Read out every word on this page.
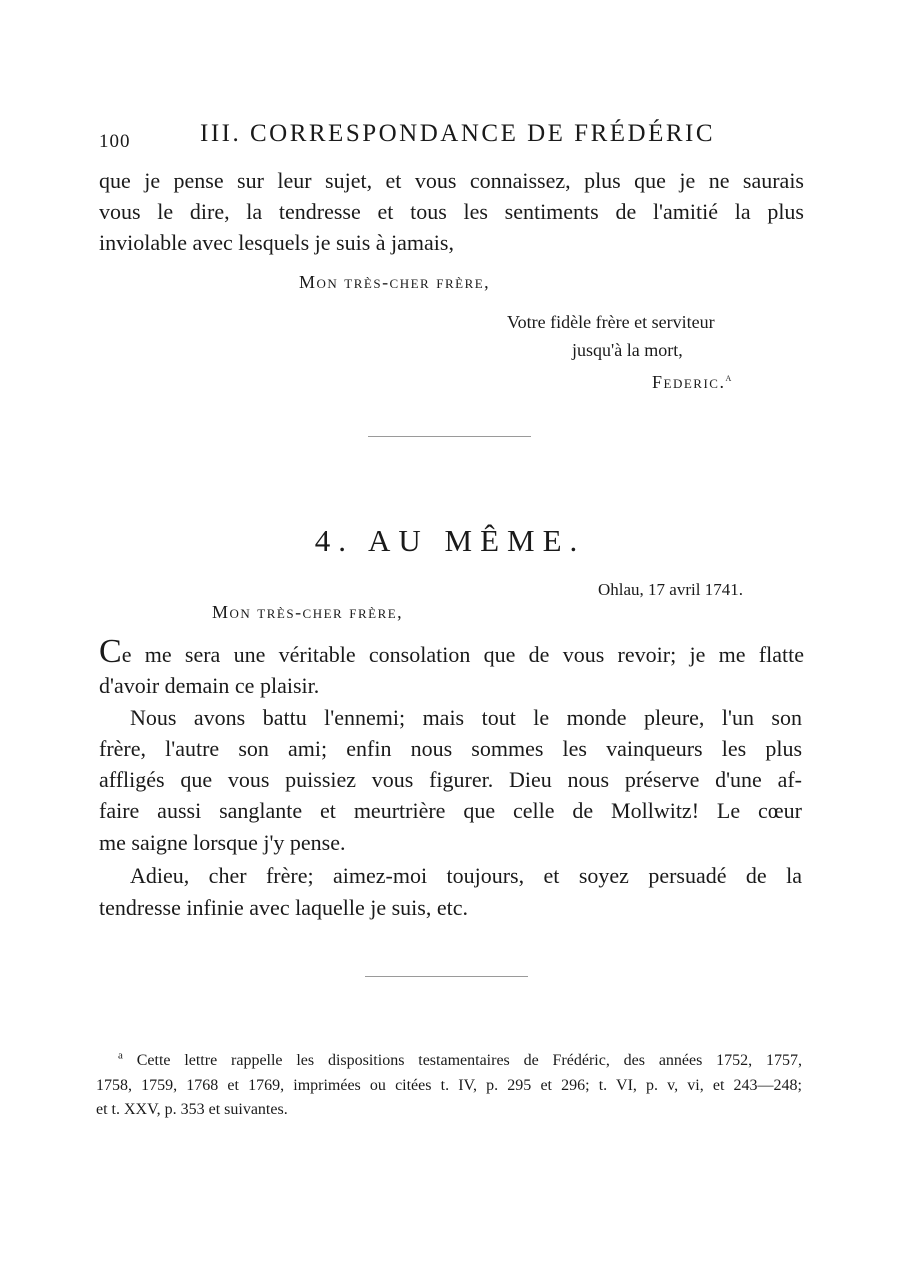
100	III. CORRESPONDANCE DE FRÉDÉRIC
que je pense sur leur sujet, et vous connaissez, plus que je ne saurais
vous le dire, la tendresse et tous les sentiments de l'amitié la plus
inviolable avec lesquels je suis à jamais,
Mon très-cher frère,
Votre fidèle frère et serviteur
jusqu'à la mort,
Federic.$^a$
4. AU MÊME.
Ohlau, 17 avril 1741.
Mon très-cher frère,
Ce me sera une véritable consolation que de vous revoir; je me flatte
d'avoir demain ce plaisir.
Nous avons battu l'ennemi; mais tout le monde pleure, l'un son
frère, l'autre son ami; enfin nous sommes les vainqueurs les plus
affligés que vous puissiez vous figurer. Dieu nous préserve d'une af-
faire aussi sanglante et meurtrière que celle de Mollwitz! Le cœur
me saigne lorsque j'y pense.
Adieu, cher frère; aimez-moi toujours, et soyez persuadé de la
tendresse infinie avec laquelle je suis, etc.
$^a$ Cette lettre rappelle les dispositions testamentaires de Frédéric, des années 1752, 1757,
1758, 1759, 1768 et 1769, imprimées ou citées t. IV, p. 295 et 296; t. VI, p. v, vi, et 243—248;
et t. XXV, p. 353 et suivantes.
